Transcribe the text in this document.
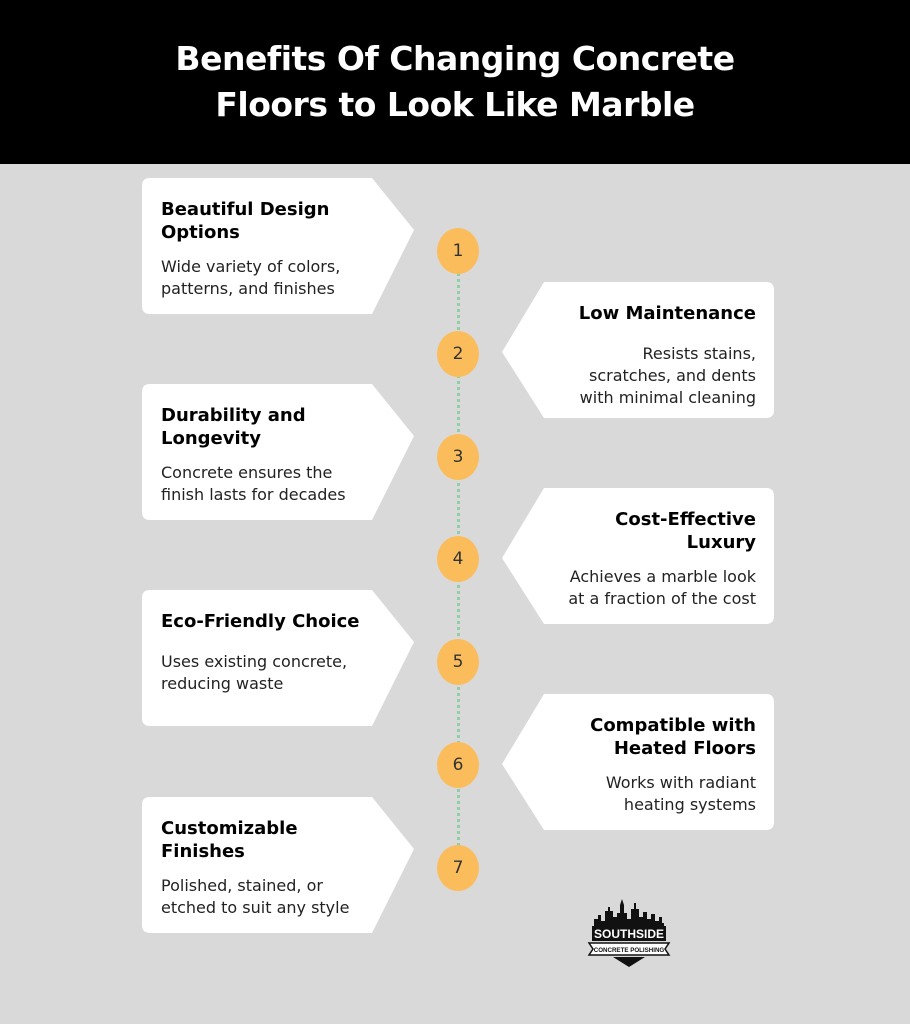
Benefits Of Changing Concrete
Floors to Look Like Marble
Beautiful Design
Options
Wide variety of colors,
patterns, and finishes
Low Maintenance
Resists stains,
scratches, and dents
with minimal cleaning
Durability and
Longevity
Concrete ensures the
finish lasts for decades
Cost-Effective
Luxury
Achieves a marble look
at a fraction of the cost
Eco-Friendly Choice
Uses existing concrete,
reducing waste
Compatible with
Heated Floors
Works with radiant
heating systems
Customizable
Finishes
Polished, stained, or
etched to suit any style
1
2
3
4
5
6
7
SOUTHSIDE
CONCRETE POLISHING
